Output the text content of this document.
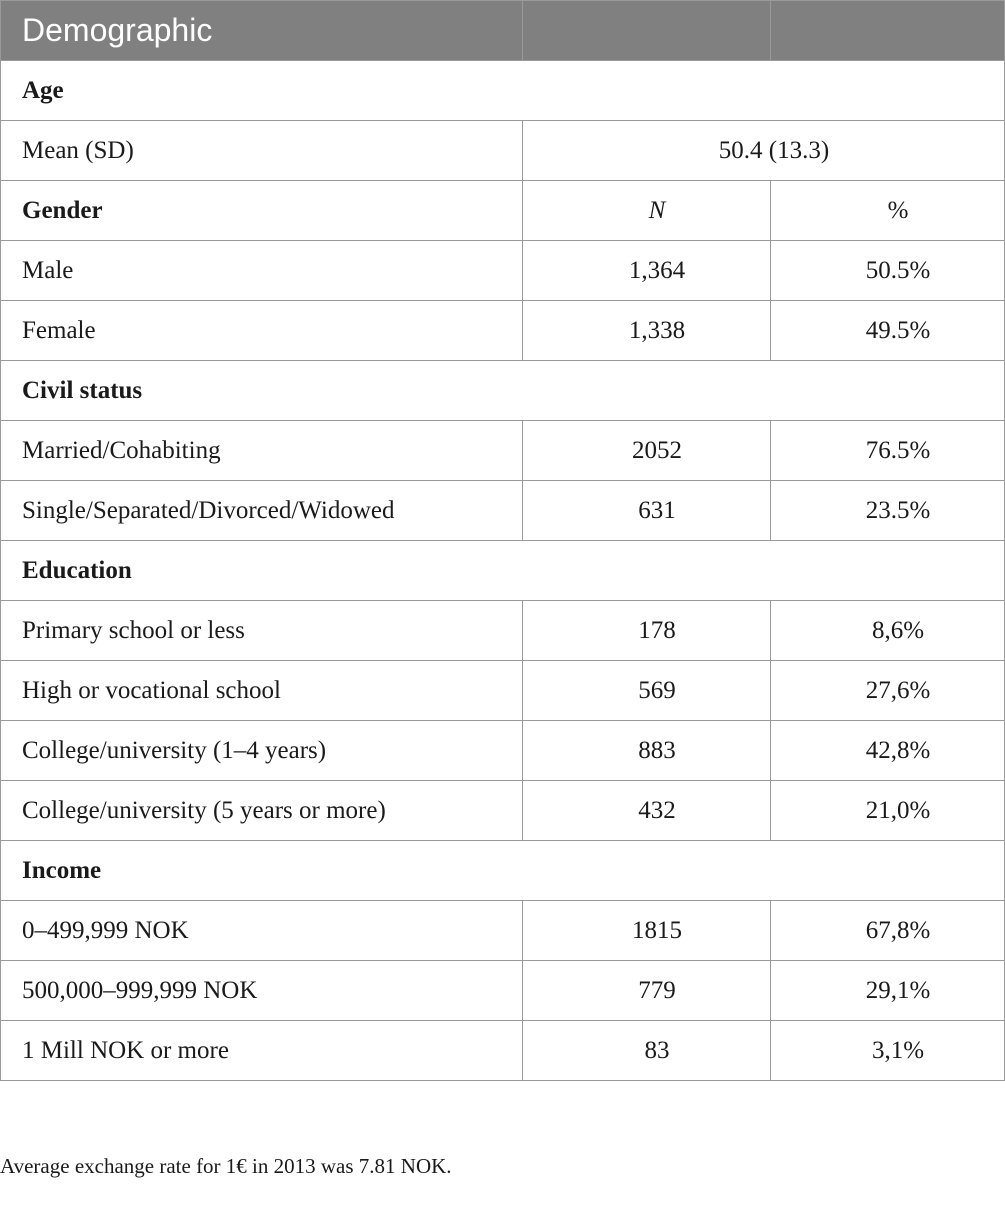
Demographic		
Age		
Mean (SD)	50.4 (13.3)	
Gender	N	%
Male	1,364	50.5%
Female	1,338	49.5%
Civil status		
Married/Cohabiting	2052	76.5%
Single/Separated/Divorced/Widowed	631	23.5%
Education		
Primary school or less	178	8,6%
High or vocational school	569	27,6%
College/university (1–4 years)	883	42,8%
College/university (5 years or more)	432	21,0%
Income		
0–499,999 NOK	1815	67,8%
500,000–999,999 NOK	779	29,1%
1 Mill NOK or more	83	3,1%

Average exchange rate for 1€ in 2013 was 7.81 NOK.
